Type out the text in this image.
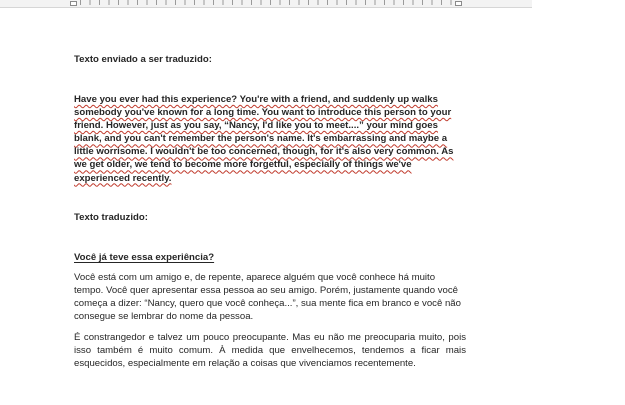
Texto enviado a ser traduzido:

Have you ever had this experience? You're with a friend, and suddenly up walks somebody you've known for a long time. You want to introduce this person to your friend. However, just as you say, “Nancy, I'd like you to meet....” your mind goes blank, and you can't remember the person's name. It's embarrassing and maybe a little worrisome. I wouldn't be too concerned, though, for it's also very common. As we get older, we tend to become more forgetful, especially of things we've experienced recently.

Texto traduzido:

Você já teve essa experiência?

Você está com um amigo e, de repente, aparece alguém que você conhece há muito tempo. Você quer apresentar essa pessoa ao seu amigo. Porém, justamente quando você começa a dizer: “Nancy, quero que você conheça...”, sua mente fica em branco e você não consegue se lembrar do nome da pessoa.

É constrangedor e talvez um pouco preocupante. Mas eu não me preocuparia muito, pois isso também é muito comum. À medida que envelhecemos, tendemos a ficar mais esquecidos, especialmente em relação a coisas que vivenciamos recentemente.
